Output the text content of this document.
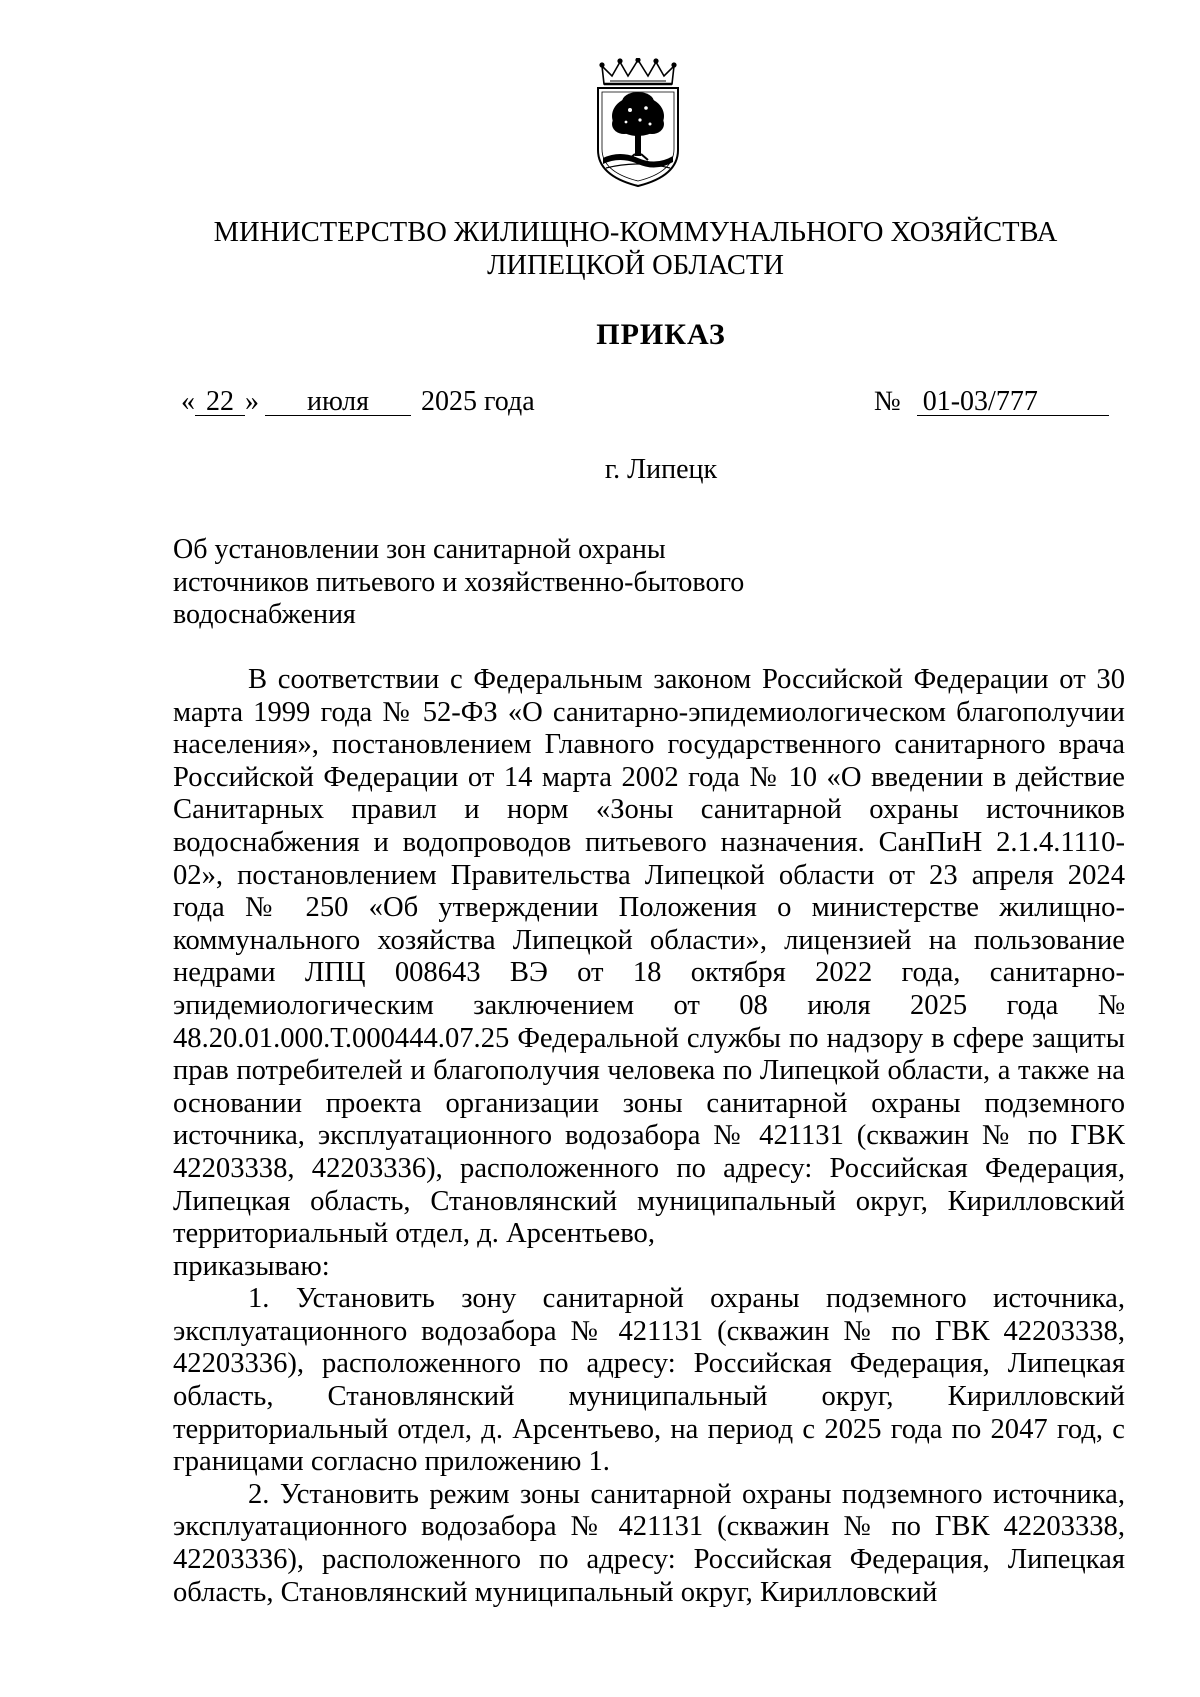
МИНИСТЕРСТВО ЖИЛИЩНО-КОММУНАЛЬНОГО ХОЗЯЙСТВА
ЛИПЕЦКОЙ ОБЛАСТИ
ПРИКАЗ
« 22 » июля 2025 года	№ 01-03/777
г. Липецк
Об установлении зон санитарной охраны
источников питьевого и хозяйственно-бытового
водоснабжения

В соответствии с Федеральным законом Российской Федерации от 30 марта 1999 года № 52-ФЗ «О санитарно-эпидемиологическом благополучии населения», постановлением Главного государственного санитарного врача Российской Федерации от 14 марта 2002 года № 10 «О введении в действие Санитарных правил и норм «Зоны санитарной охраны источников водоснабжения и водопроводов питьевого назначения. СанПиН 2.1.4.1110-02», постановлением Правительства Липецкой области от 23 апреля 2024 года № 250 «Об утверждении Положения о министерстве жилищно-коммунального хозяйства Липецкой области», лицензией на пользование недрами ЛПЦ 008643 ВЭ от 18 октября 2022 года, санитарно-эпидемиологическим заключением от 08 июля 2025 года № 48.20.01.000.Т.000444.07.25 Федеральной службы по надзору в сфере защиты прав потребителей и благополучия человека по Липецкой области, а также на основании проекта организации зоны санитарной охраны подземного источника, эксплуатационного водозабора № 421131 (скважин № по ГВК 42203338, 42203336), расположенного по адресу: Российская Федерация, Липецкая область, Становлянский муниципальный округ, Кирилловский территориальный отдел, д. Арсентьево,

приказываю:

1. Установить зону санитарной охраны подземного источника, эксплуатационного водозабора № 421131 (скважин № по ГВК 42203338, 42203336), расположенного по адресу: Российская Федерация, Липецкая область, Становлянский муниципальный округ, Кирилловский территориальный отдел, д. Арсентьево, на период с 2025 года по 2047 год, с границами согласно приложению 1.

2. Установить режим зоны санитарной охраны подземного источника, эксплуатационного водозабора № 421131 (скважин № по ГВК 42203338, 42203336), расположенного по адресу: Российская Федерация, Липецкая область, Становлянский муниципальный округ, Кирилловский
